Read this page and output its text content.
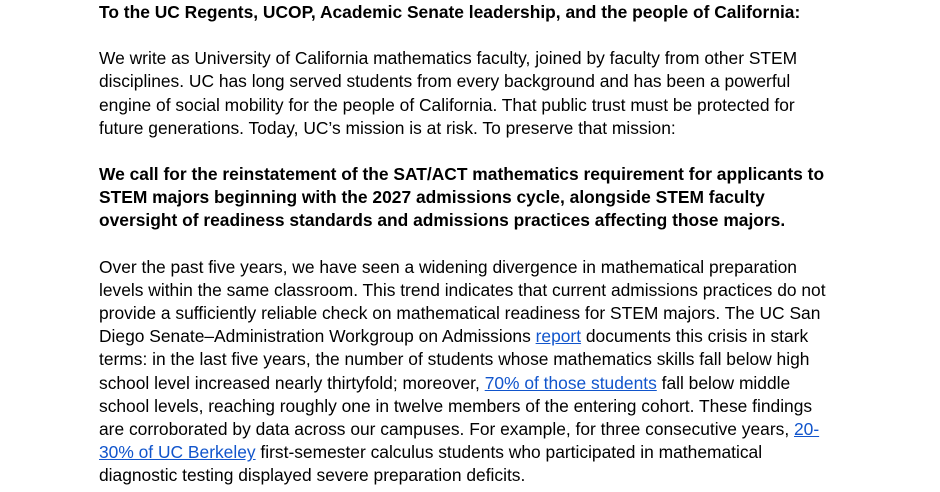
To the UC Regents, UCOP, Academic Senate leadership, and the people of California:

We write as University of California mathematics faculty, joined by faculty from other STEM
disciplines. UC has long served students from every background and has been a powerful
engine of social mobility for the people of California. That public trust must be protected for
future generations. Today, UC’s mission is at risk. To preserve that mission:

We call for the reinstatement of the SAT/ACT mathematics requirement for applicants to
STEM majors beginning with the 2027 admissions cycle, alongside STEM faculty
oversight of readiness standards and admissions practices affecting those majors.

Over the past five years, we have seen a widening divergence in mathematical preparation
levels within the same classroom. This trend indicates that current admissions practices do not
provide a sufficiently reliable check on mathematical readiness for STEM majors. The UC San
Diego Senate–Administration Workgroup on Admissions report documents this crisis in stark
terms: in the last five years, the number of students whose mathematics skills fall below high
school level increased nearly thirtyfold; moreover, 70% of those students fall below middle
school levels, reaching roughly one in twelve members of the entering cohort. These findings
are corroborated by data across our campuses. For example, for three consecutive years, 20-
30% of UC Berkeley first-semester calculus students who participated in mathematical
diagnostic testing displayed severe preparation deficits.
